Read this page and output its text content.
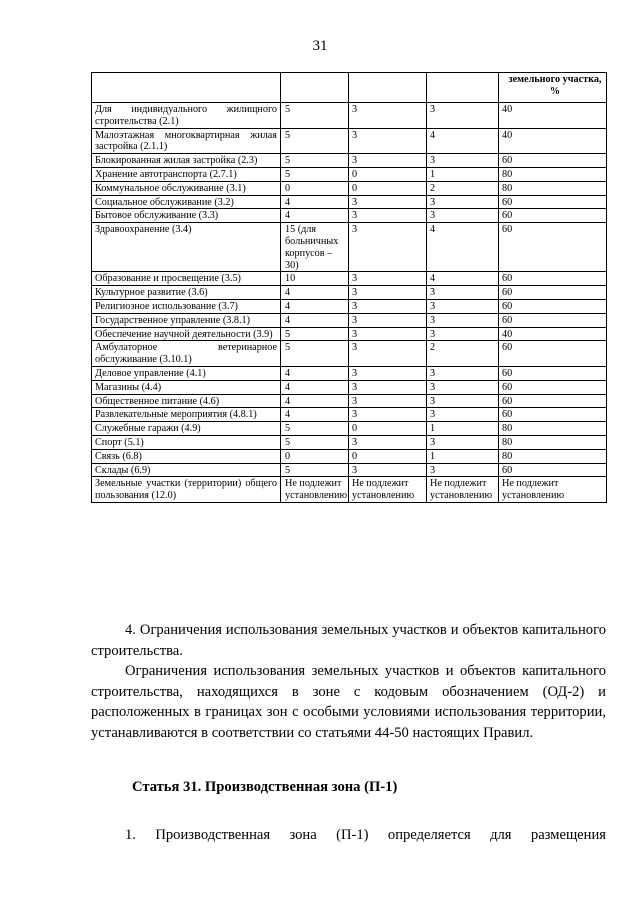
31
				земельного участка, %
Для индивидуального жилищного строительства (2.1)	5	3	3	40
Малоэтажная многоквартирная жилая застройка (2.1.1)	5	3	4	40
Блокированная жилая застройка (2.3)	5	3	3	60
Хранение автотранспорта (2.7.1)	5	0	1	80
Коммунальное обслуживание (3.1)	0	0	2	80
Социальное обслуживание (3.2)	4	3	3	60
Бытовое обслуживание (3.3)	4	3	3	60
Здравоохранение (3.4)	15 (для больничных корпусов – 30)	3	4	60
Образование и просвещение (3.5)	10	3	4	60
Культурное развитие (3.6)	4	3	3	60
Религиозное использование (3.7)	4	3	3	60
Государственное управление (3.8.1)	4	3	3	60
Обеспечение научной деятельности (3.9)	5	3	3	40
Амбулаторное ветеринарное обслуживание (3.10.1)	5	3	2	60
Деловое управление (4.1)	4	3	3	60
Магазины (4.4)	4	3	3	60
Общественное питание (4.6)	4	3	3	60
Развлекательные мероприятия (4.8.1)	4	3	3	60
Служебные гаражи (4.9)	5	0	1	80
Спорт (5.1)	5	3	3	80
Связь (6.8)	0	0	1	80
Склады (6.9)	5	3	3	60
Земельные участки (территории) общего пользования (12.0)	Не подлежит установлению	Не подлежит установлению	Не подлежит установлению	Не подлежит установлению

4. Ограничения использования земельных участков и объектов капитального строительства.

Ограничения использования земельных участков и объектов капитального строительства, находящихся в зоне с кодовым обозначением (ОД-2) и расположенных в границах зон с особыми условиями использования территории, устанавливаются в соответствии со статьями 44-50 настоящих Правил.

Статья 31. Производственная зона (П-1)

1. Производственная зона (П-1) определяется для размещения
